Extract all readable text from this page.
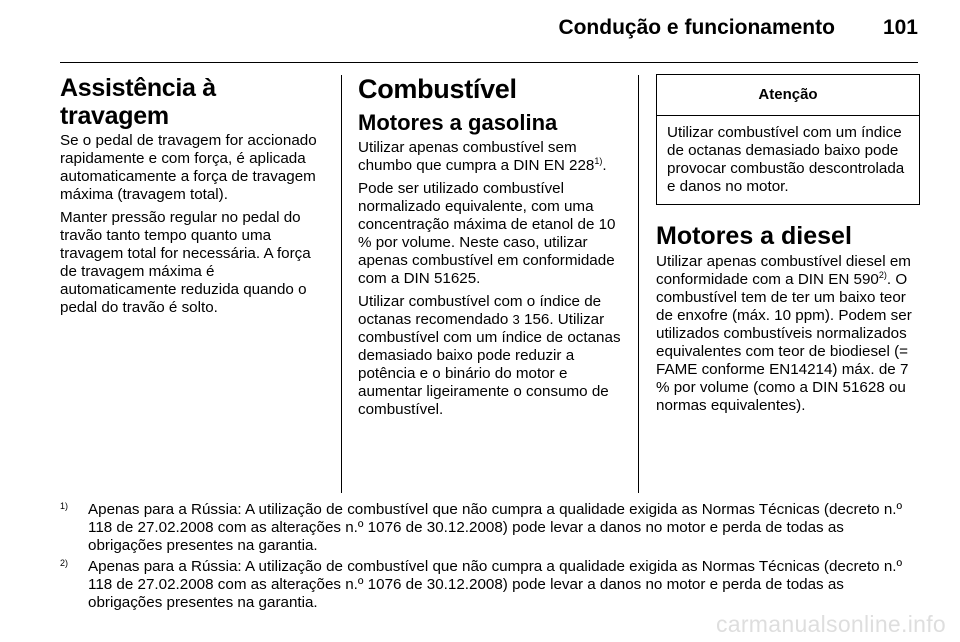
Condução e funcionamento 101
Assistência à travagem

Se o pedal de travagem for accionado rapidamente e com força, é aplicada automaticamente a força de travagem máxima (travagem total).

Manter pressão regular no pedal do travão tanto tempo quanto uma travagem total for necessária. A força de travagem máxima é automaticamente reduzida quando o pedal do travão é solto.

Combustível
Motores a gasolina

Utilizar apenas combustível sem chumbo que cumpra a DIN EN 228$^{1)}$.

Pode ser utilizado combustível normalizado equivalente, com uma concentração máxima de etanol de 10 % por volume. Neste caso, utilizar apenas combustível em conformidade com a DIN 51625.

Utilizar combustível com o índice de octanas recomendado 3 156. Utilizar combustível com um índice de octanas demasiado baixo pode reduzir a potência e o binário do motor e aumentar ligeiramente o consumo de combustível.

Atenção
Utilizar combustível com um índice de octanas demasiado baixo pode provocar combustão descontrolada e danos no motor.
Motores a diesel

Utilizar apenas combustível diesel em conformidade com a DIN EN 590$^{2)}$. O combustível tem de ter um baixo teor de enxofre (máx. 10 ppm). Podem ser utilizados combustíveis normalizados equivalentes com teor de biodiesel (= FAME conforme EN14214) máx. de 7 % por volume (como a DIN 51628 ou normas equivalentes).

1) Apenas para a Rússia: A utilização de combustível que não cumpra a qualidade exigida as Normas Técnicas (decreto n.º 118 de 27.02.2008 com as alterações n.º 1076 de 30.12.2008) pode levar a danos no motor e perda de todas as obrigações presentes na garantia.
2) Apenas para a Rússia: A utilização de combustível que não cumpra a qualidade exigida as Normas Técnicas (decreto n.º 118 de 27.02.2008 com as alterações n.º 1076 de 30.12.2008) pode levar a danos no motor e perda de todas as obrigações presentes na garantia.
carmanualsonline.info
